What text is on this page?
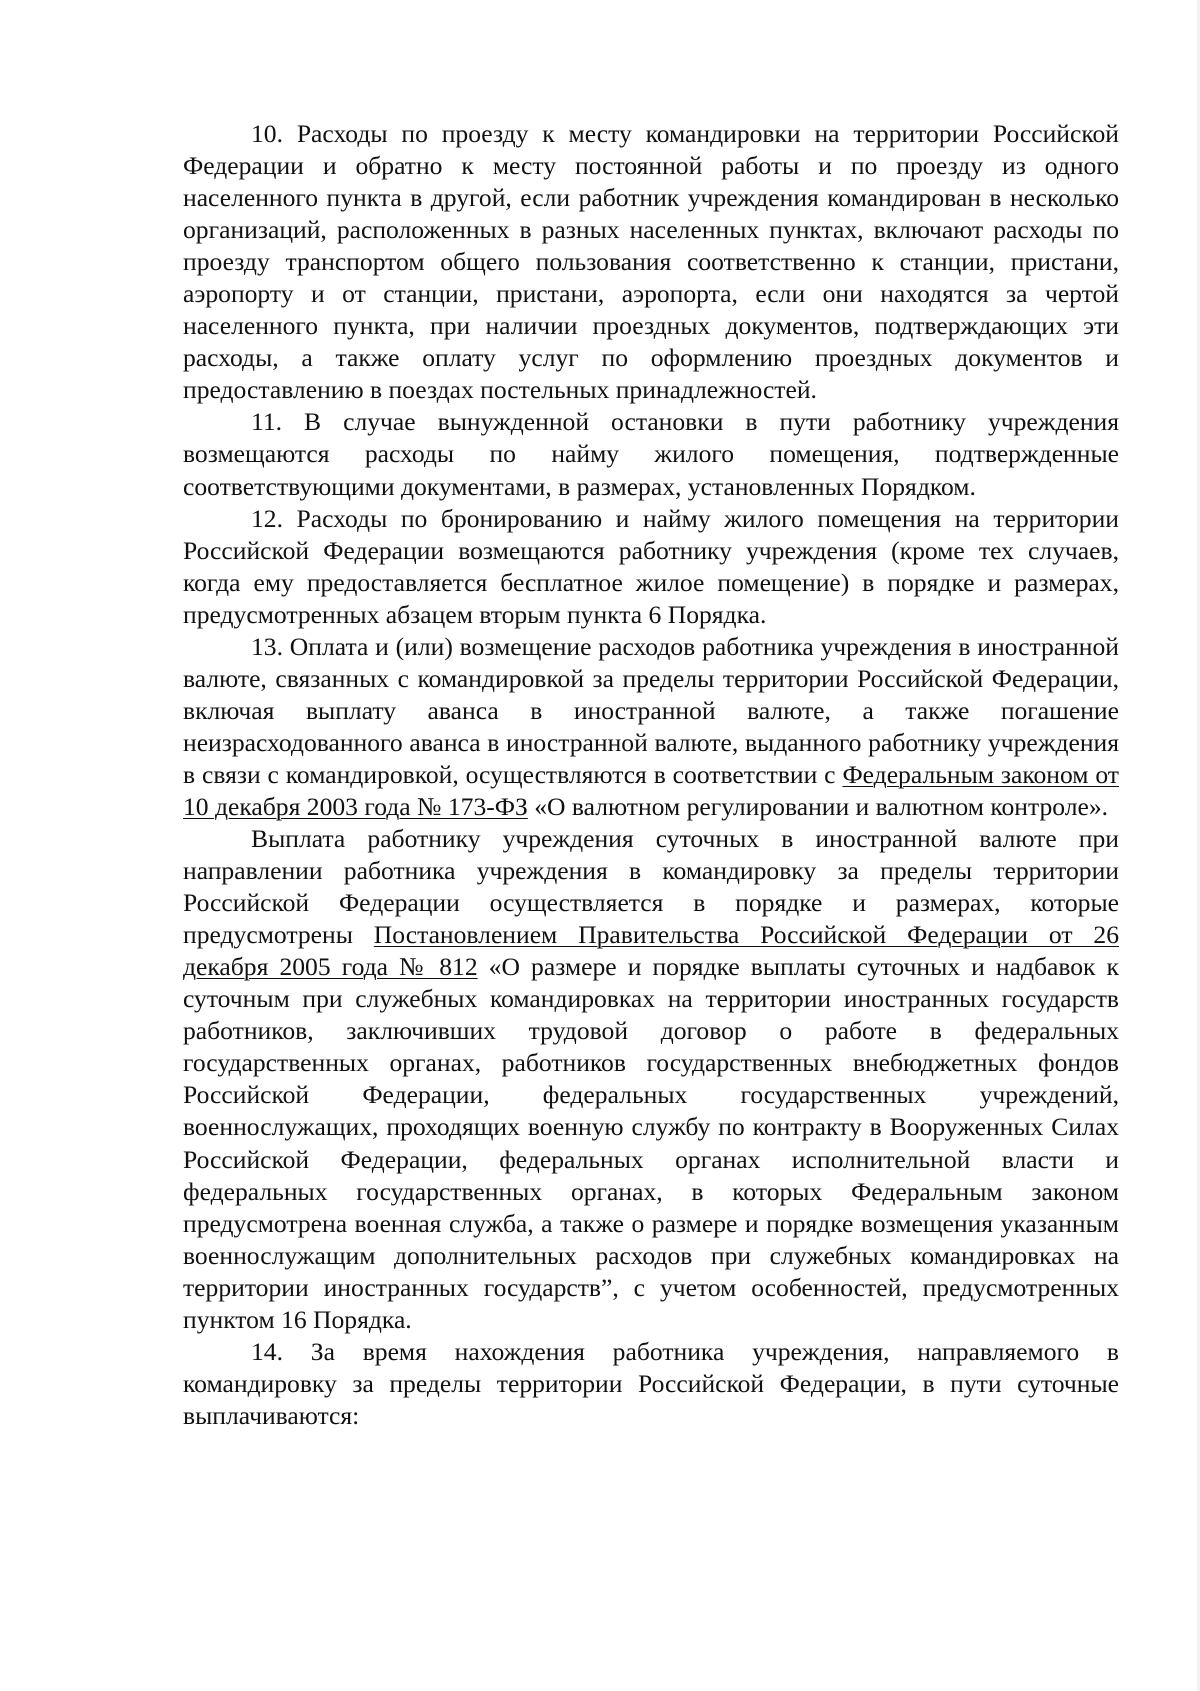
10. Расходы по проезду к месту командировки на территории Российской Федерации и обратно к месту постоянной работы и по проезду из одного населенного пункта в другой, если работник учреждения командирован в несколько организаций, расположенных в разных населенных пунктах, включают расходы по проезду транспортом общего пользования соответственно к станции, пристани, аэропорту и от станции, пристани, аэропорта, если они находятся за чертой населенного пункта, при наличии проездных документов, подтверждающих эти расходы, а также оплату услуг по оформлению проездных документов и предоставлению в поездах постельных принадлежностей.

11. В случае вынужденной остановки в пути работнику учреждения возмещаются расходы по найму жилого помещения, подтвержденные соответствующими документами, в размерах, установленных Порядком.

12. Расходы по бронированию и найму жилого помещения на территории Российской Федерации возмещаются работнику учреждения (кроме тех случаев, когда ему предоставляется бесплатное жилое помещение) в порядке и размерах, предусмотренных абзацем вторым пункта 6 Порядка.

13. Оплата и (или) возмещение расходов работника учреждения в иностранной валюте, связанных с командировкой за пределы территории Российской Федерации, включая выплату аванса в иностранной валюте, а также погашение неизрасходованного аванса в иностранной валюте, выданного работнику учреждения в связи с командировкой, осуществляются в соответствии с Федеральным законом от 10 декабря 2003 года № 173-ФЗ «О валютном регулировании и валютном контроле».

Выплата работнику учреждения суточных в иностранной валюте при направлении работника учреждения в командировку за пределы территории Российской Федерации осуществляется в порядке и размерах, которые предусмотрены Постановлением Правительства Российской Федерации от 26 декабря 2005 года № 812 «О размере и порядке выплаты суточных и надбавок к суточным при служебных командировках на территории иностранных государств работников, заключивших трудовой договор о работе в федеральных государственных органах, работников государственных внебюджетных фондов Российской Федерации, федеральных государственных учреждений, военнослужащих, проходящих военную службу по контракту в Вооруженных Силах Российской Федерации, федеральных органах исполнительной власти и федеральных государственных органах, в которых Федеральным законом предусмотрена военная служба, а также о размере и порядке возмещения указанным военнослужащим дополнительных расходов при служебных командировках на территории иностранных государств”, с учетом особенностей, предусмотренных пунктом 16 Порядка.

14. За время нахождения работника учреждения, направляемого в командировку за пределы территории Российской Федерации, в пути суточные выплачиваются:
